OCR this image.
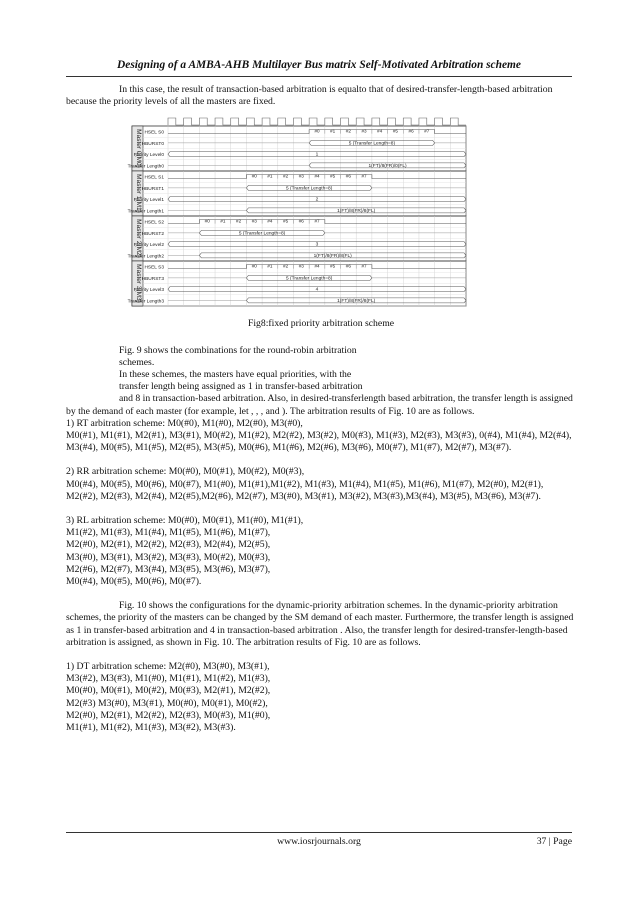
Designing of a AMBA-AHB Multilayer Bus matrix Self-Motivated Arbitration scheme

In this case, the result of transaction-based arbitration is equalto that of desired-transfer-length-based arbitration because the priority levels of all the masters are fixed.

Master 0(M0) HSEL S0	#0 #1 #2 #3 #4 #5 #6 #7
HBURST0	5 (Transfer Length=8)
Priority Level0	1
Transfer Length0	1(FT)/8(FR)/0(FL)
Master 1(M1) HSEL S1	#0 #1 #2 #3 #4 #5 #6 #7
HBURST1	5 (Transfer Length=8)
Priority Level1	2
Transfer Length1	1(FT)/8(FR)/8(FL)
Master 2(M2) HSEL S2	#0 #1 #2 #3 #4 #5 #6 #7
HBURST2	5 (Transfer Length=8)
Priority Level2	3
Transfer Length2	1(FT)/8(FR)/8(FL)
Master 3(M3) HSEL S3	#0 #1 #2 #3 #4 #5 #6 #7
HBURST3	5 (Transfer Length=8)
Priority Level3	4
Transfer Length3	1(FT)/8(FR)/8(FL)

Fig8:fixed priority arbitration scheme

Fig. 9 shows the combinations for the round-robin arbitration
schemes.
In these schemes, the masters have equal priorities, with the
transfer length being assigned as 1 in transfer-based arbitration

and 8 in transaction-based arbitration. Also, in desired-transferlength based arbitration, the transfer length is assigned by the demand of each master (for example, let , , , and ). The arbitration results of Fig. 10 are as follows.

1) RT arbitration scheme: M0(#0), M1(#0), M2(#0), M3(#0),

M0(#1), M1(#1), M2(#1), M3(#1), M0(#2), M1(#2), M2(#2), M3(#2), M0(#3), M1(#3), M2(#3), M3(#3), 0(#4), M1(#4), M2(#4), M3(#4), M0(#5), M1(#5), M2(#5), M3(#5), M0(#6), M1(#6), M2(#6), M3(#6), M0(#7), M1(#7), M2(#7), M3(#7).

2) RR arbitration scheme: M0(#0), M0(#1), M0(#2), M0(#3),

M0(#4), M0(#5), M0(#6), M0(#7), M1(#0), M1(#1),M1(#2), M1(#3), M1(#4), M1(#5), M1(#6), M1(#7), M2(#0), M2(#1), M2(#2), M2(#3), M2(#4), M2(#5),M2(#6), M2(#7), M3(#0), M3(#1), M3(#2), M3(#3),M3(#4), M3(#5), M3(#6), M3(#7).

3) RL arbitration scheme: M0(#0), M0(#1), M1(#0), M1(#1),
M1(#2), M1(#3), M1(#4), M1(#5), M1(#6), M1(#7),
M2(#0), M2(#1), M2(#2), M2(#3), M2(#4), M2(#5),
M3(#0), M3(#1), M3(#2), M3(#3), M0(#2), M0(#3),
M2(#6), M2(#7), M3(#4), M3(#5), M3(#6), M3(#7),
M0(#4), M0(#5), M0(#6), M0(#7).

Fig. 10 shows the configurations for the dynamic-priority arbitration schemes. In the dynamic-priority arbitration schemes, the priority of the masters can be changed by the SM demand of each master. Furthermore, the transfer length is assigned as 1 in transfer-based arbitration and 4 in transaction-based arbitration . Also, the transfer length for desired-transfer-length-based arbitration is assigned, as shown in Fig. 10. The arbitration results of Fig. 10 are as follows.

1) DT arbitration scheme: M2(#0), M3(#0), M3(#1),
M3(#2), M3(#3), M1(#0), M1(#1), M1(#2), M1(#3),
M0(#0), M0(#1), M0(#2), M0(#3), M2(#1), M2(#2),
M2(#3) M3(#0), M3(#1), M0(#0), M0(#1), M0(#2),
M2(#0), M2(#1), M2(#2), M2(#3), M0(#3), M1(#0),
M1(#1), M1(#2), M1(#3), M3(#2), M3(#3).
www.iosrjournals.org	37 | Page
